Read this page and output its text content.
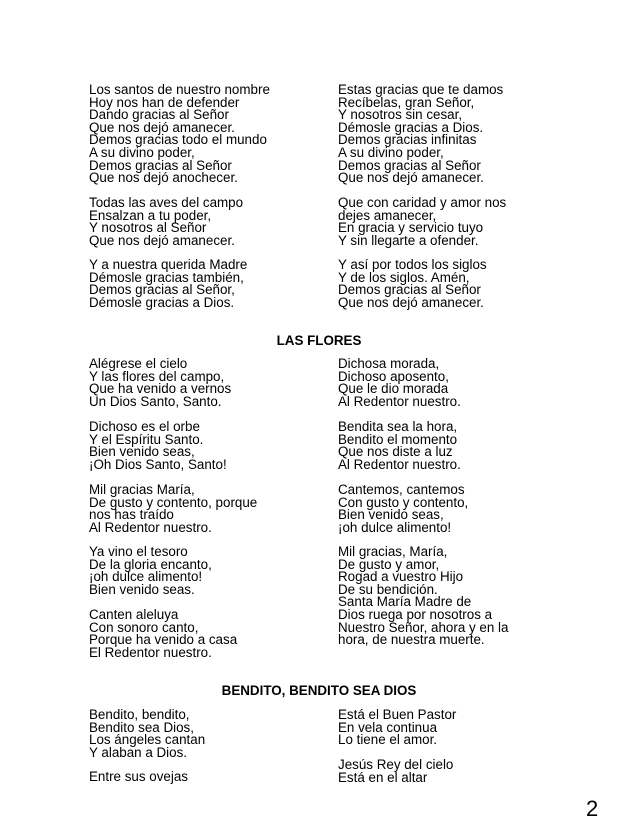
Los santos de nuestro nombre
Hoy nos han de defender
Dando gracias al Señor
Que nos dejó amanecer.
Demos gracias todo el mundo
A su divino poder,
Demos gracias al Señor
Que nos dejó anochecer.
Todas las aves del campo
Ensalzan a tu poder,
Y nosotros al Señor
Que nos dejó amanecer.
Y a nuestra querida Madre
Démosle gracias también,
Demos gracias al Señor,
Démosle gracias a Dios.
Estas gracias que te damos
Recíbelas, gran Señor,
Y nosotros sin cesar,
Démosle gracias a Dios.
Demos gracias infinitas
A su divino poder,
Demos gracias al Señor
Que nos dejó amanecer.
Que con caridad y amor nos
dejes amanecer,
En gracia y servicio tuyo
Y sin llegarte a ofender.
Y así por todos los siglos
Y de los siglos. Amén,
Demos gracias al Señor
Que nos dejó amanecer.
LAS FLORES
Alégrese el cielo
Y las flores del campo,
Que ha venido a vernos
Un Dios Santo, Santo.
Dichoso es el orbe
Y el Espíritu Santo.
Bien venido seas,
¡Oh Dios Santo, Santo!
Mil gracias María,
De gusto y contento, porque
nos has traído
Al Redentor nuestro.
Ya vino el tesoro
De la gloria encanto,
¡oh dulce alimento!
Bien venido seas.
Canten aleluya
Con sonoro canto,
Porque ha venido a casa
El Redentor nuestro.
Dichosa morada,
Dichoso aposento,
Que le dio morada
Al Redentor nuestro.
Bendita sea la hora,
Bendito el momento
Que nos diste a luz
Al Redentor nuestro.
Cantemos, cantemos
Con gusto y contento,
Bien venido seas,
¡oh dulce alimento!
Mil gracias, María,
De gusto y amor,
Rogad a vuestro Hijo
De su bendición.
Santa María Madre de
Dios ruega por nosotros a
Nuestro Señor, ahora y en la
hora, de nuestra muerte.
BENDITO, BENDITO SEA DIOS
Bendito, bendito,
Bendito sea Dios,
Los ángeles cantan
Y alaban a Dios.
Entre sus ovejas
Está el Buen Pastor
En vela continua
Lo tiene el amor.
Jesús Rey del cielo
Está en el altar
2
